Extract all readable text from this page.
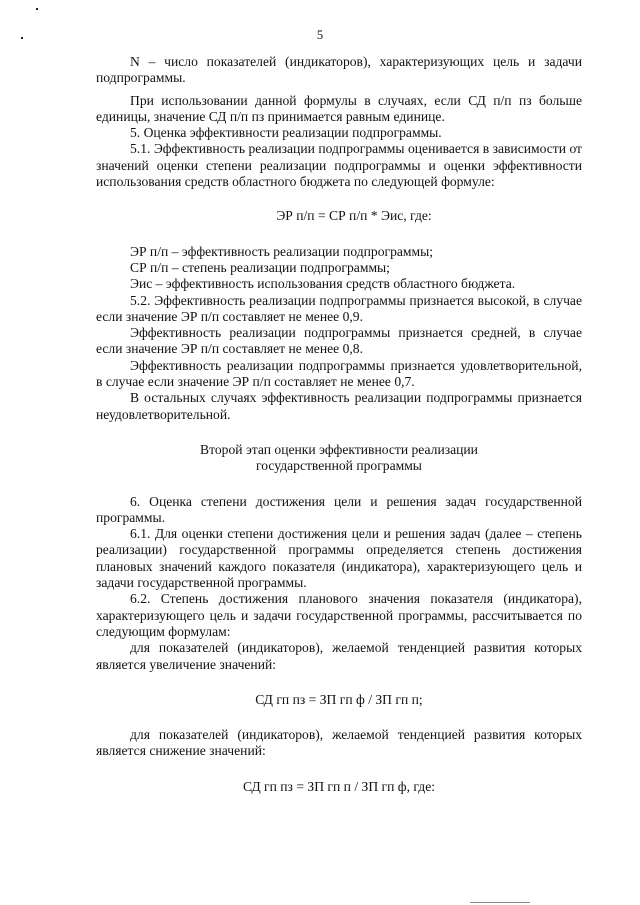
5

N – число показателей (индикаторов), характеризующих цель и задачи подпрограммы.

При использовании данной формулы в случаях, если СД п/п пз больше единицы, значение СД п/п пз принимается равным единице.

5. Оценка эффективности реализации подпрограммы.

5.1. Эффективность реализации подпрограммы оценивается в зависимости от значений оценки степени реализации подпрограммы и оценки эффективности использования средств областного бюджета по следующей формуле:

ЭР п/п = СР п/п * Эис, где:

ЭР п/п – эффективность реализации подпрограммы;

СР п/п – степень реализации подпрограммы;

Эис – эффективность использования средств областного бюджета.

5.2. Эффективность реализации подпрограммы признается высокой, в случае если значение ЭР п/п составляет не менее 0,9.

Эффективность реализации подпрограммы признается средней, в случае если значение ЭР п/п составляет не менее 0,8.

Эффективность реализации подпрограммы признается удовлетворительной, в случае если значение ЭР п/п составляет не менее 0,7.

В остальных случаях эффективность реализации подпрограммы признается неудовлетворительной.

Второй этап оценки эффективности реализации

государственной программы

6. Оценка степени достижения цели и решения задач государственной программы.

6.1. Для оценки степени достижения цели и решения задач (далее – степень реализации) государственной программы определяется степень достижения плановых значений каждого показателя (индикатора), характеризующего цель и задачи государственной программы.

6.2. Степень достижения планового значения показателя (индикатора), характеризующего цель и задачи государственной программы, рассчитывается по следующим формулам:

для показателей (индикаторов), желаемой тенденцией развития которых является увеличение значений:

СД гп пз = ЗП гп ф / ЗП гп п;

для показателей (индикаторов), желаемой тенденцией развития которых является снижение значений:

СД гп пз = ЗП гп п / ЗП гп ф, где:
